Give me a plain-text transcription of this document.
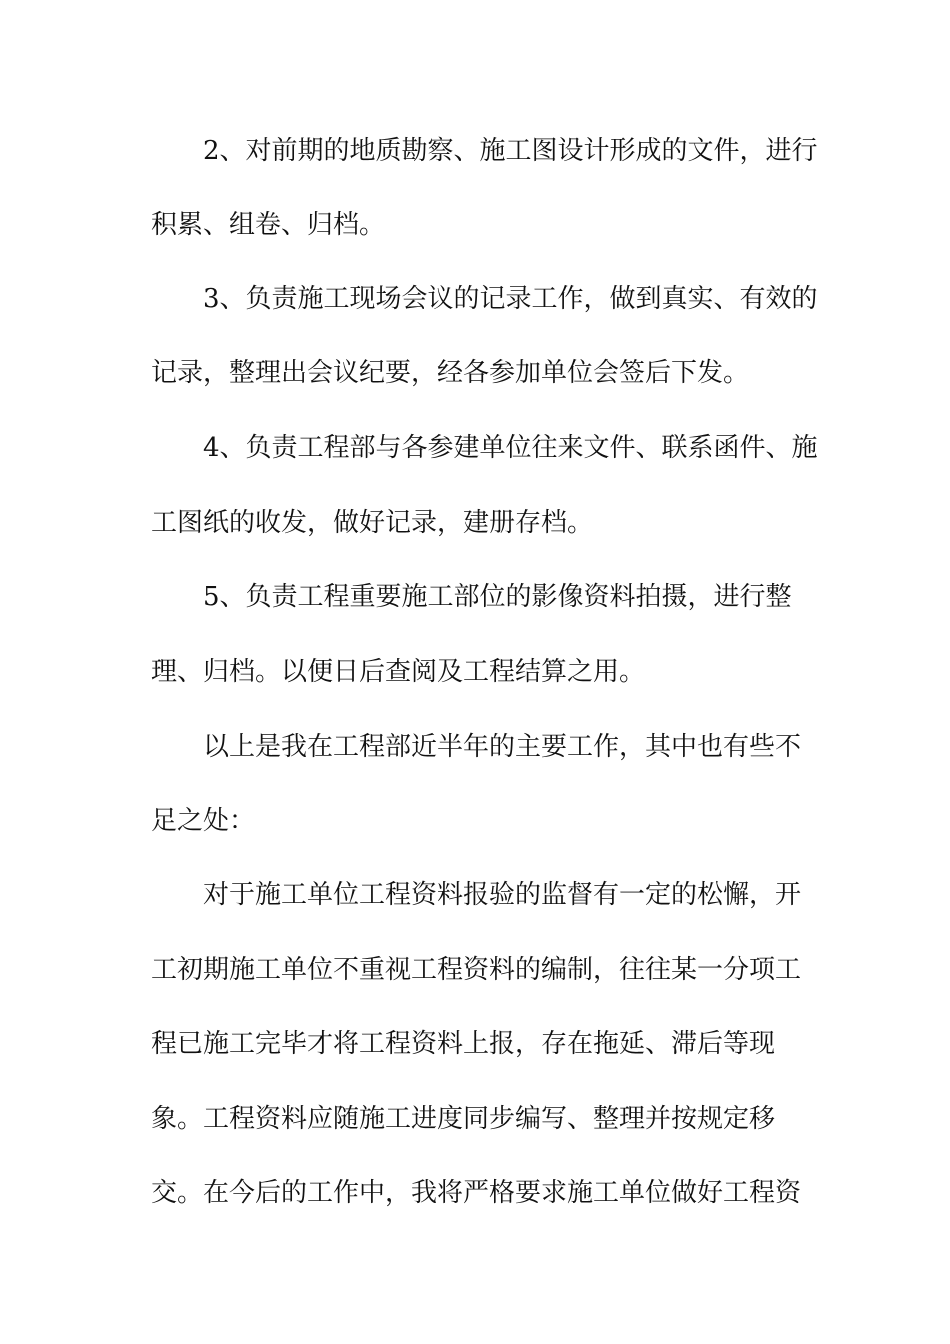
2、对前期的地质勘察、施工图设计形成的文件，进行

积累、组卷、归档。

3、负责施工现场会议的记录工作，做到真实、有效的

记录，整理出会议纪要，经各参加单位会签后下发。

4、负责工程部与各参建单位往来文件、联系函件、施

工图纸的收发，做好记录，建册存档。

5、负责工程重要施工部位的影像资料拍摄，进行整

理、归档。以便日后查阅及工程结算之用。

以上是我在工程部近半年的主要工作，其中也有些不

足之处：

对于施工单位工程资料报验的监督有一定的松懈，开

工初期施工单位不重视工程资料的编制，往往某一分项工

程已施工完毕才将工程资料上报，存在拖延、滞后等现

象。工程资料应随施工进度同步编写、整理并按规定移

交。在今后的工作中，我将严格要求施工单位做好工程资
